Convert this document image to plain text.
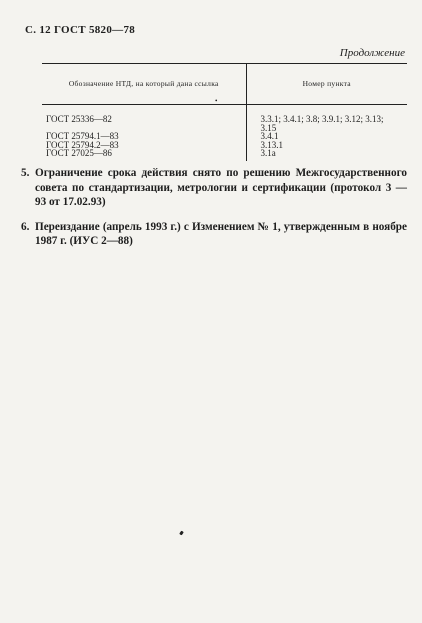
С. 12 ГОСТ 5820—78
Продолжение
Обозначение НТД, на который дана ссылка	Номер пункта
ГОСТ 25336—82	3.3.1; 3.4.1; 3.8; 3.9.1; 3.12; 3.13; 3.15
ГОСТ 25794.1—83	3.4.1
ГОСТ 25794.2—83	3.13.1
ГОСТ 27025—86	3.1а
•
5. Ограничение срока действия снято по решению Межгосударственного совета по стандартизации, метрологии и сертификации (протокол 3 — 93 от 17.02.93)
6. Переиздание (апрель 1993 г.) с Изменением № 1, утвержденным в ноябре 1987 г. (ИУС 2—88)
